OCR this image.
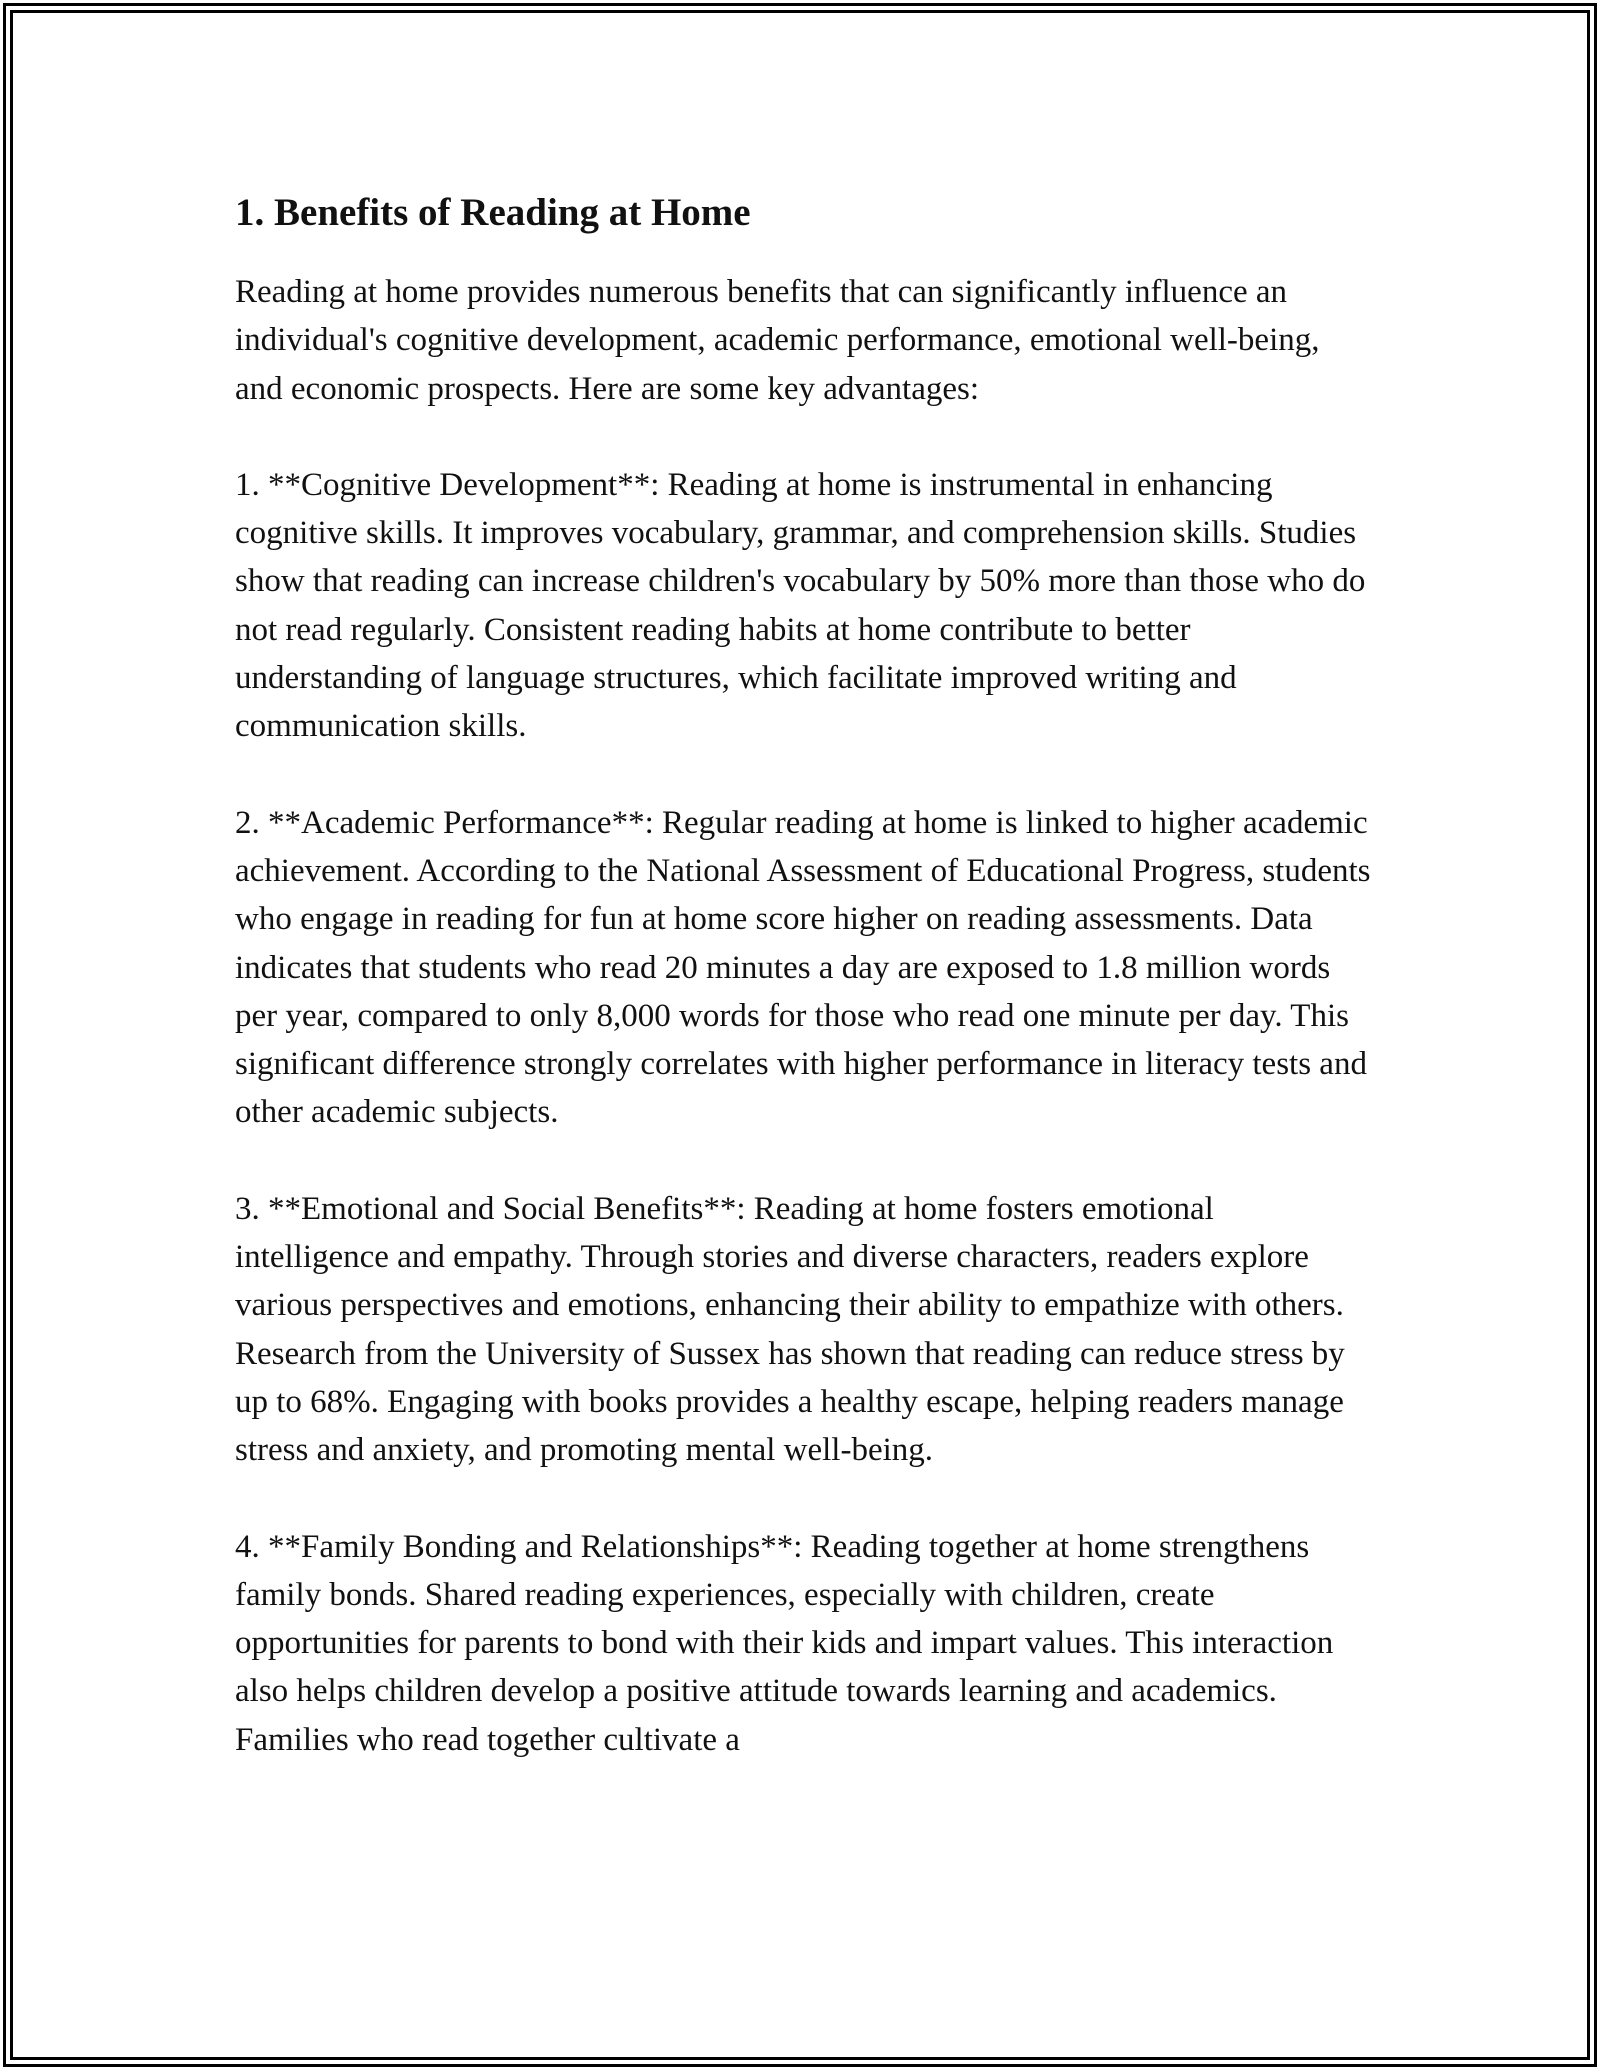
1. Benefits of Reading at Home

Reading at home provides numerous benefits that can significantly influence an individual's cognitive development, academic performance, emotional well-being, and economic prospects. Here are some key advantages:

1. **Cognitive Development**: Reading at home is instrumental in enhancing cognitive skills. It improves vocabulary, grammar, and comprehension skills. Studies show that reading can increase children's vocabulary by 50% more than those who do not read regularly. Consistent reading habits at home contribute to better understanding of language structures, which facilitate improved writing and communication skills.

2. **Academic Performance**: Regular reading at home is linked to higher academic achievement. According to the National Assessment of Educational Progress, students who engage in reading for fun at home score higher on reading assessments. Data indicates that students who read 20 minutes a day are exposed to 1.8 million words per year, compared to only 8,000 words for those who read one minute per day. This significant difference strongly correlates with higher performance in literacy tests and other academic subjects.

3. **Emotional and Social Benefits**: Reading at home fosters emotional intelligence and empathy. Through stories and diverse characters, readers explore various perspectives and emotions, enhancing their ability to empathize with others. Research from the University of Sussex has shown that reading can reduce stress by up to 68%. Engaging with books provides a healthy escape, helping readers manage stress and anxiety, and promoting mental well-being.

4. **Family Bonding and Relationships**: Reading together at home strengthens family bonds. Shared reading experiences, especially with children, create opportunities for parents to bond with their kids and impart values. This interaction also helps children develop a positive attitude towards learning and academics. Families who read together cultivate a
